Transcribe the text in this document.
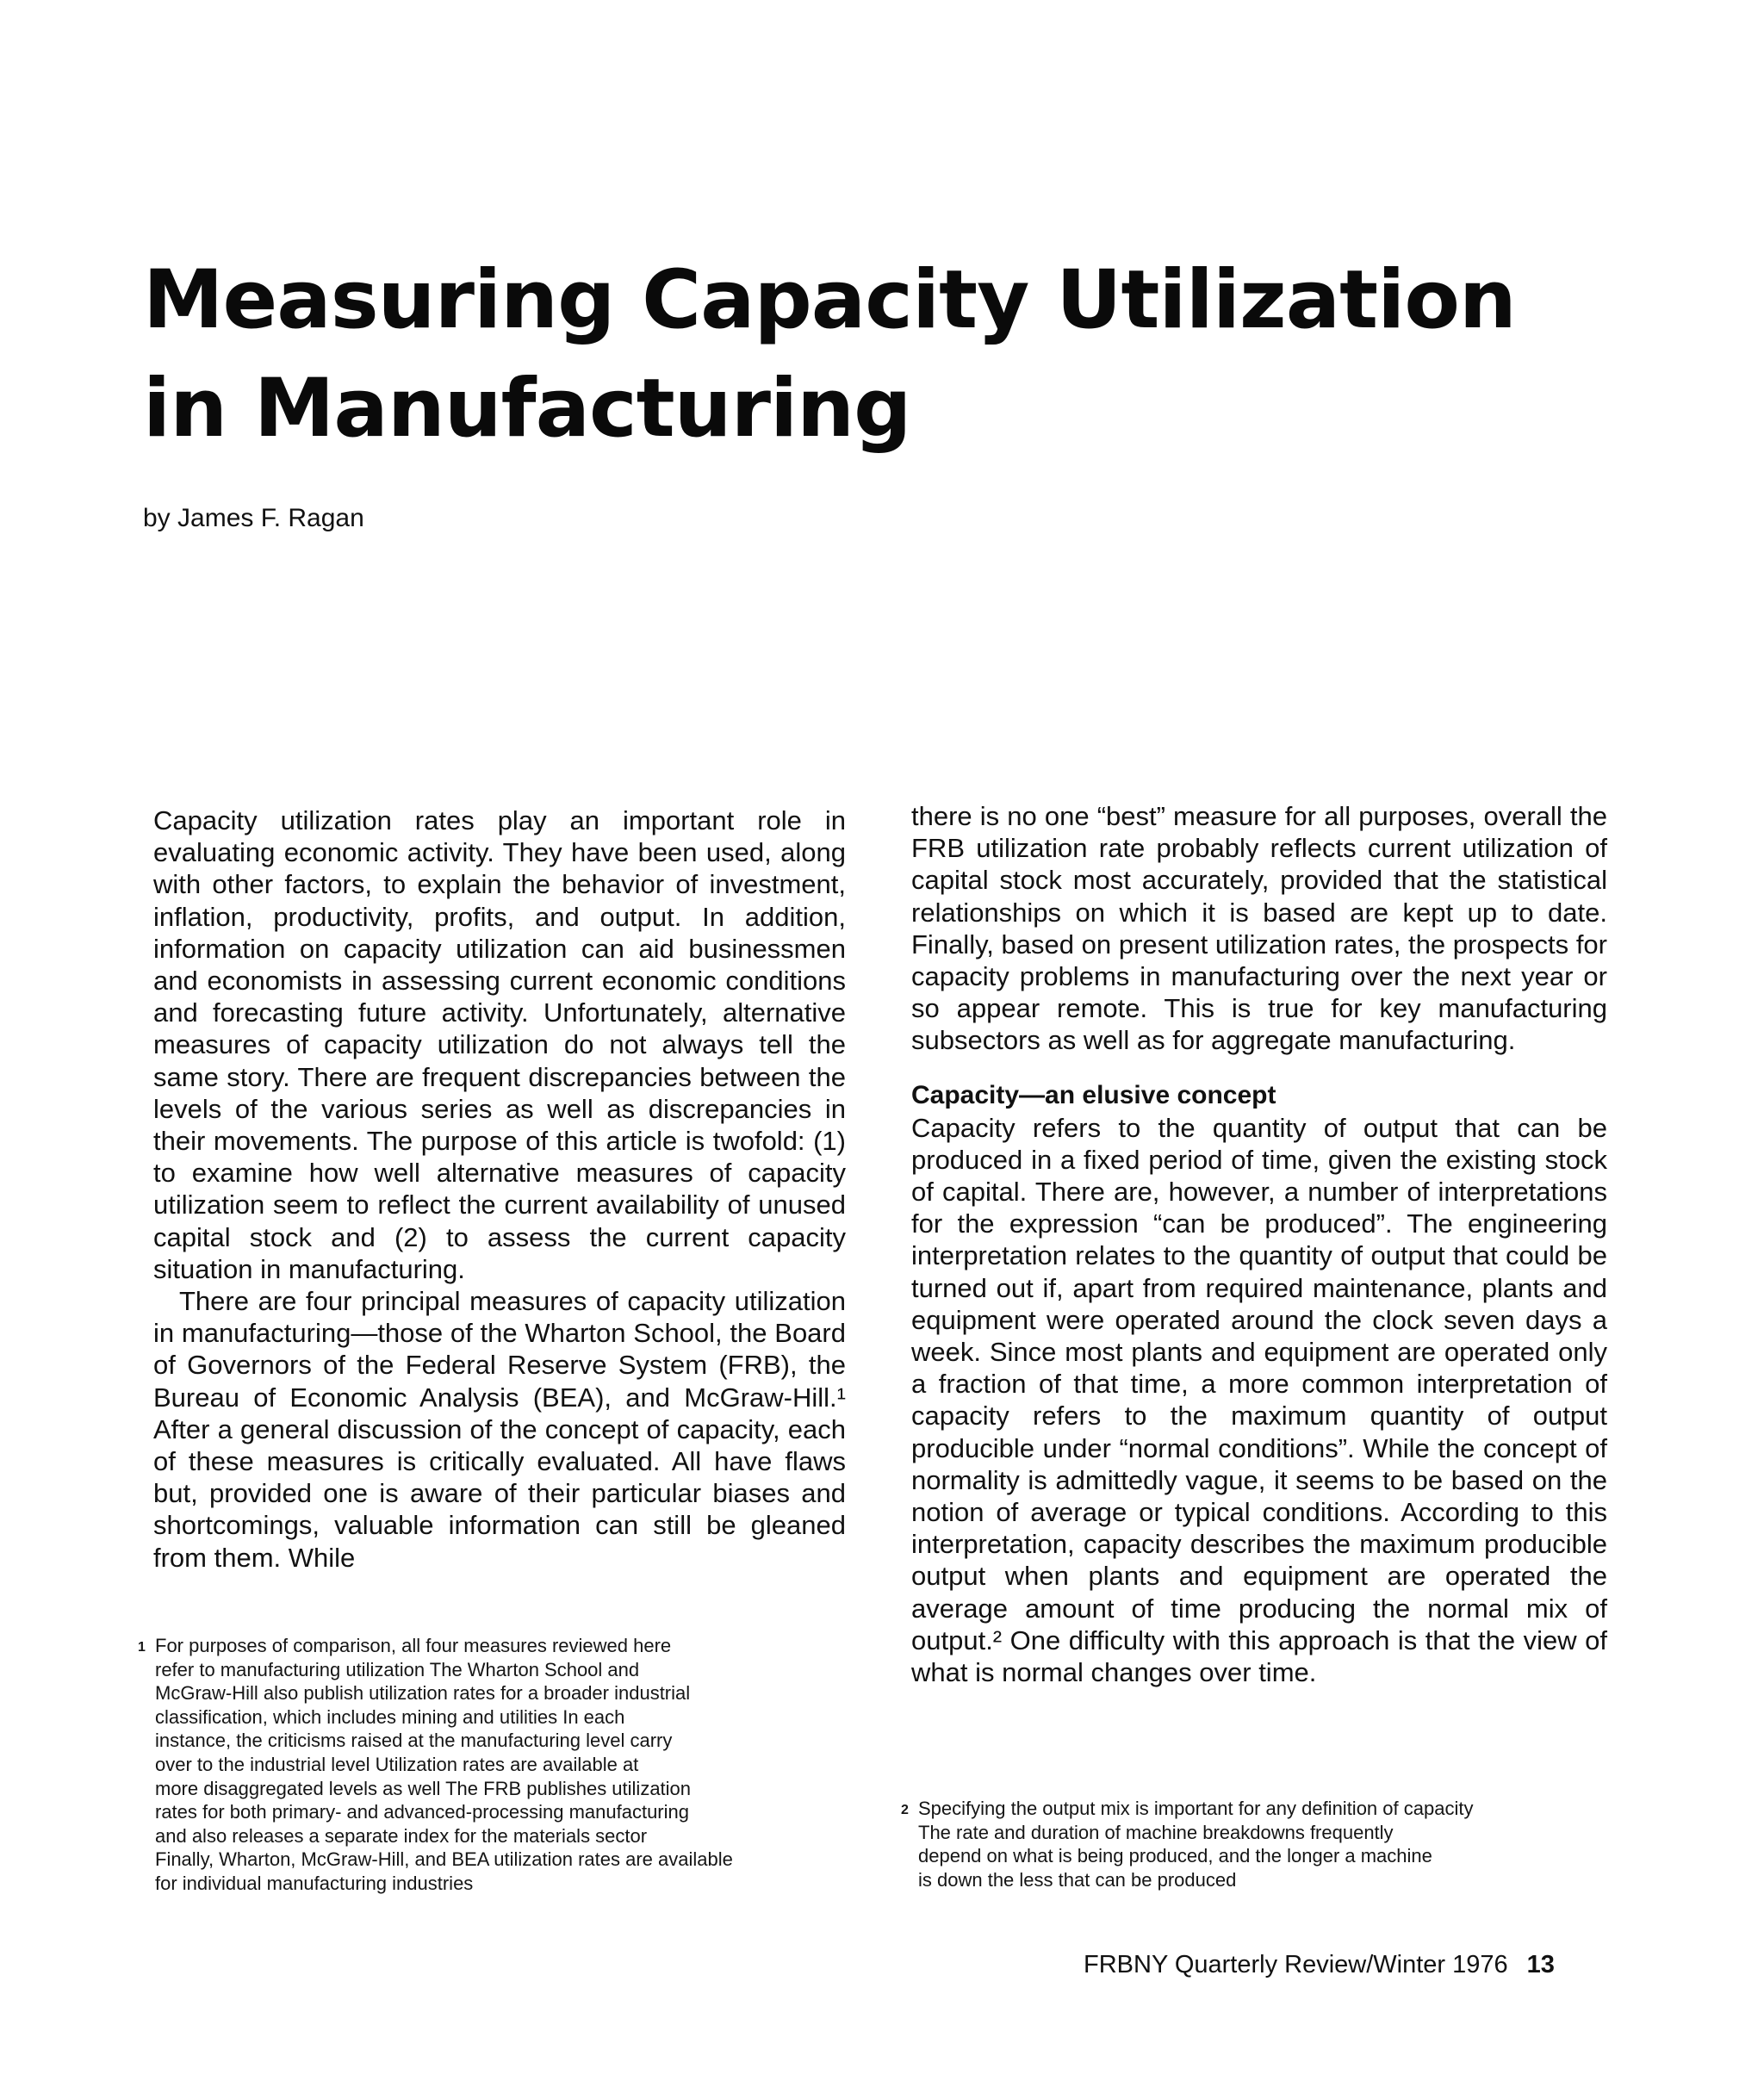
Measuring Capacity Utilization in Manufacturing
by James F. Ragan

Capacity utilization rates play an important role in evaluating economic activity. They have been used, along with other factors, to explain the behavior of investment, inflation, productivity, profits, and output. In addition, information on capacity utilization can aid businessmen and economists in assessing current economic conditions and forecasting future activity. Unfortunately, alternative measures of capacity utilization do not always tell the same story. There are frequent discrepancies between the levels of the various series as well as discrepancies in their movements. The purpose of this article is twofold: (1) to examine how well alternative measures of capacity utilization seem to reflect the current availability of unused capital stock and (2) to assess the current capacity situation in manufacturing.

There are four principal measures of capacity utilization in manufacturing—those of the Wharton School, the Board of Governors of the Federal Reserve System (FRB), the Bureau of Economic Analysis (BEA), and McGraw-Hill.¹ After a general discussion of the concept of capacity, each of these measures is critically evaluated. All have flaws but, provided one is aware of their particular biases and shortcomings, valuable information can still be gleaned from them. While

there is no one “best” measure for all purposes, overall the FRB utilization rate probably reflects current utilization of capital stock most accurately, provided that the statistical relationships on which it is based are kept up to date. Finally, based on present utilization rates, the prospects for capacity problems in manufacturing over the next year or so appear remote. This is true for key manufacturing subsectors as well as for aggregate manufacturing.

Capacity—an elusive concept

Capacity refers to the quantity of output that can be produced in a fixed period of time, given the existing stock of capital. There are, however, a number of interpretations for the expression “can be produced”. The engineering interpretation relates to the quantity of output that could be turned out if, apart from required maintenance, plants and equipment were operated around the clock seven days a week. Since most plants and equipment are operated only a fraction of that time, a more common interpretation of capacity refers to the maximum quantity of output producible under “normal conditions”. While the concept of normality is admittedly vague, it seems to be based on the notion of average or typical conditions. According to this interpretation, capacity describes the maximum producible output when plants and equipment are operated the average amount of time producing the normal mix of output.² One difficulty with this approach is that the view of what is normal changes over time.

1 For purposes of comparison, all four measures reviewed here
refer to manufacturing utilization The Wharton School and
McGraw-Hill also publish utilization rates for a broader industrial
classification, which includes mining and utilities In each
instance, the criticisms raised at the manufacturing level carry
over to the industrial level Utilization rates are available at
more disaggregated levels as well The FRB publishes utilization
rates for both primary- and advanced-processing manufacturing
and also releases a separate index for the materials sector
Finally, Wharton, McGraw-Hill, and BEA utilization rates are available
for individual manufacturing industries
2 Specifying the output mix is important for any definition of capacity
The rate and duration of machine breakdowns frequently
depend on what is being produced, and the longer a machine
is down the less that can be produced
FRBNY Quarterly Review/Winter 1976 13
